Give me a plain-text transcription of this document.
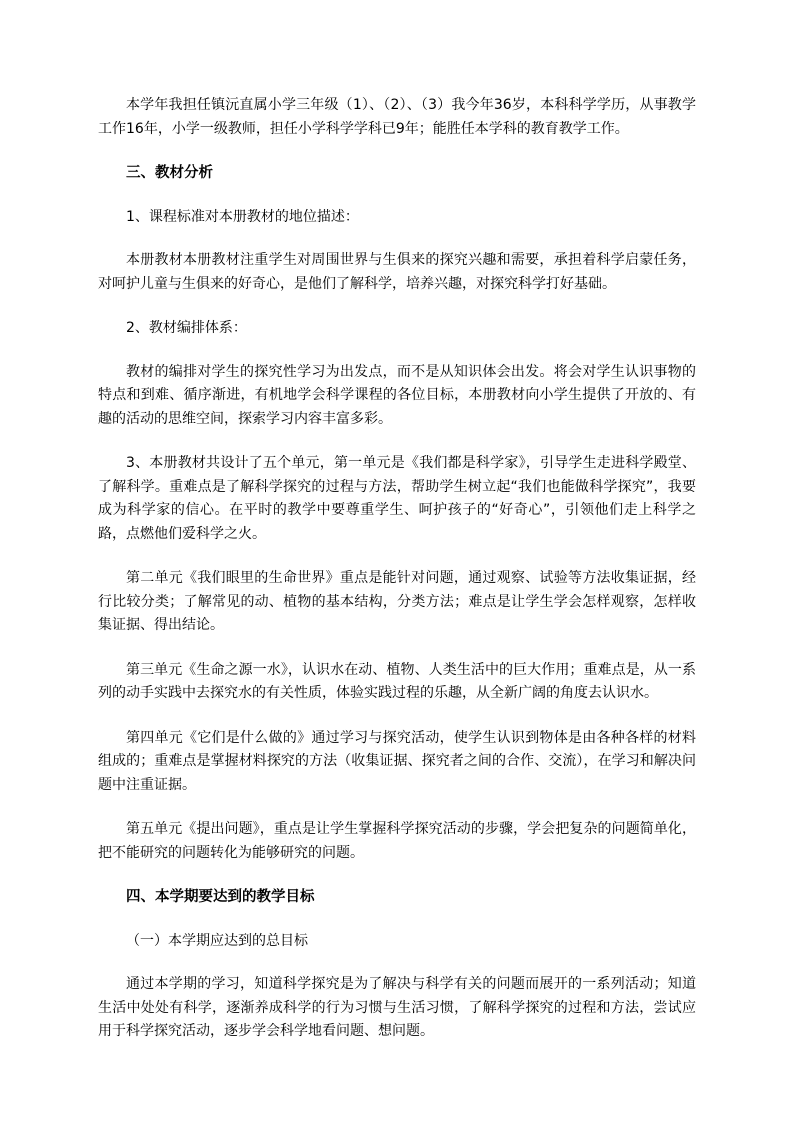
本学年我担任镇沅直属小学三年级（1）、（2）、（3）我今年36岁，本科科学学历，从事教学工作16年，小学一级教师，担任小学科学学科已9年；能胜任本学科的教育教学工作。

三、教材分析

1、课程标准对本册教材的地位描述：

本册教材本册教材注重学生对周围世界与生俱来的探究兴趣和需要，承担着科学启蒙任务，对呵护儿童与生俱来的好奇心，是他们了解科学，培养兴趣，对探究科学打好基础。

2、教材编排体系：

教材的编排对学生的探究性学习为出发点，而不是从知识体会出发。将会对学生认识事物的特点和到难、循序渐进，有机地学会科学课程的各位目标，本册教材向小学生提供了开放的、有趣的活动的思维空间，探索学习内容丰富多彩。

3、本册教材共设计了五个单元，第一单元是《我们都是科学家》，引导学生走进科学殿堂、了解科学。重难点是了解科学探究的过程与方法，帮助学生树立起“我们也能做科学探究”，我要成为科学家的信心。在平时的教学中要尊重学生、呵护孩子的“好奇心”，引领他们走上科学之路，点燃他们爱科学之火。

第二单元《我们眼里的生命世界》重点是能针对问题，通过观察、试验等方法收集证据，经行比较分类；了解常见的动、植物的基本结构，分类方法；难点是让学生学会怎样观察，怎样收集证据、得出结论。

第三单元《生命之源一水》，认识水在动、植物、人类生活中的巨大作用；重难点是，从一系列的动手实践中去探究水的有关性质，体验实践过程的乐趣，从全新广阔的角度去认识水。

第四单元《它们是什么做的》通过学习与探究活动，使学生认识到物体是由各种各样的材料组成的；重难点是掌握材料探究的方法（收集证据、探究者之间的合作、交流），在学习和解决问题中注重证据。

第五单元《提出问题》，重点是让学生掌握科学探究活动的步骤，学会把复杂的问题简单化，把不能研究的问题转化为能够研究的问题。

四、本学期要达到的教学目标

（一）本学期应达到的总目标

通过本学期的学习，知道科学探究是为了解决与科学有关的问题而展开的一系列活动；知道生活中处处有科学，逐渐养成科学的行为习惯与生活习惯，了解科学探究的过程和方法，尝试应用于科学探究活动，逐步学会科学地看问题、想问题。
